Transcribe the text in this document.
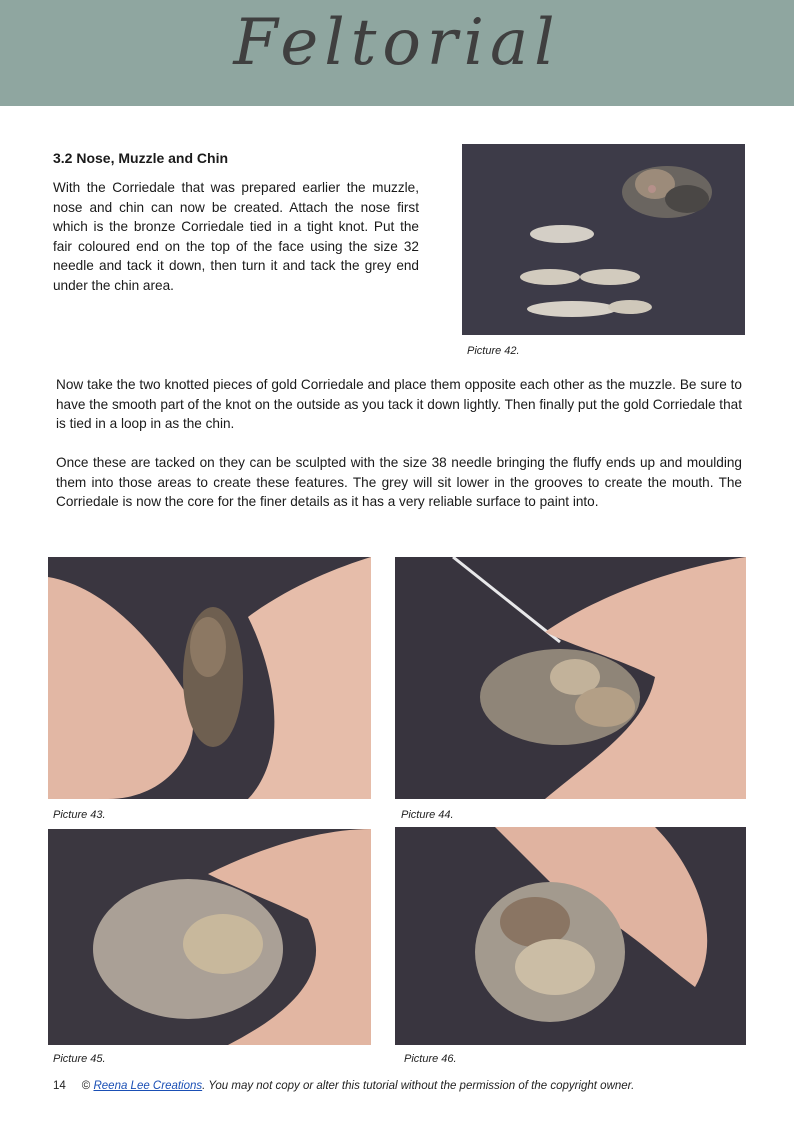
Feltorial
3.2 Nose, Muzzle and Chin

With the Corriedale that was prepared earlier the muzzle, nose and chin can now be created. Attach the nose first which is the bronze Corriedale tied in a tight knot. Put the fair coloured end on the top of the face using the size 32 needle and tack it down, then turn it and tack the grey end under the chin area.

Picture 42.

Now take the two knotted pieces of gold Corriedale and place them opposite each other as the muzzle. Be sure to have the smooth part of the knot on the outside as you tack it down lightly. Then finally put the gold Corriedale that is tied in a loop in as the chin.

Once these are tacked on they can be sculpted with the size 38 needle bringing the fluffy ends up and moulding them into those areas to create these features. The grey will sit lower in the grooves to create the mouth. The Corriedale is now the core for the finer details as it has a very reliable surface to paint into.

Picture 43.	Picture 44.

Picture 45.	Picture 46.

14 © Reena Lee Creations. You may not copy or alter this tutorial without the permission of the copyright owner.
